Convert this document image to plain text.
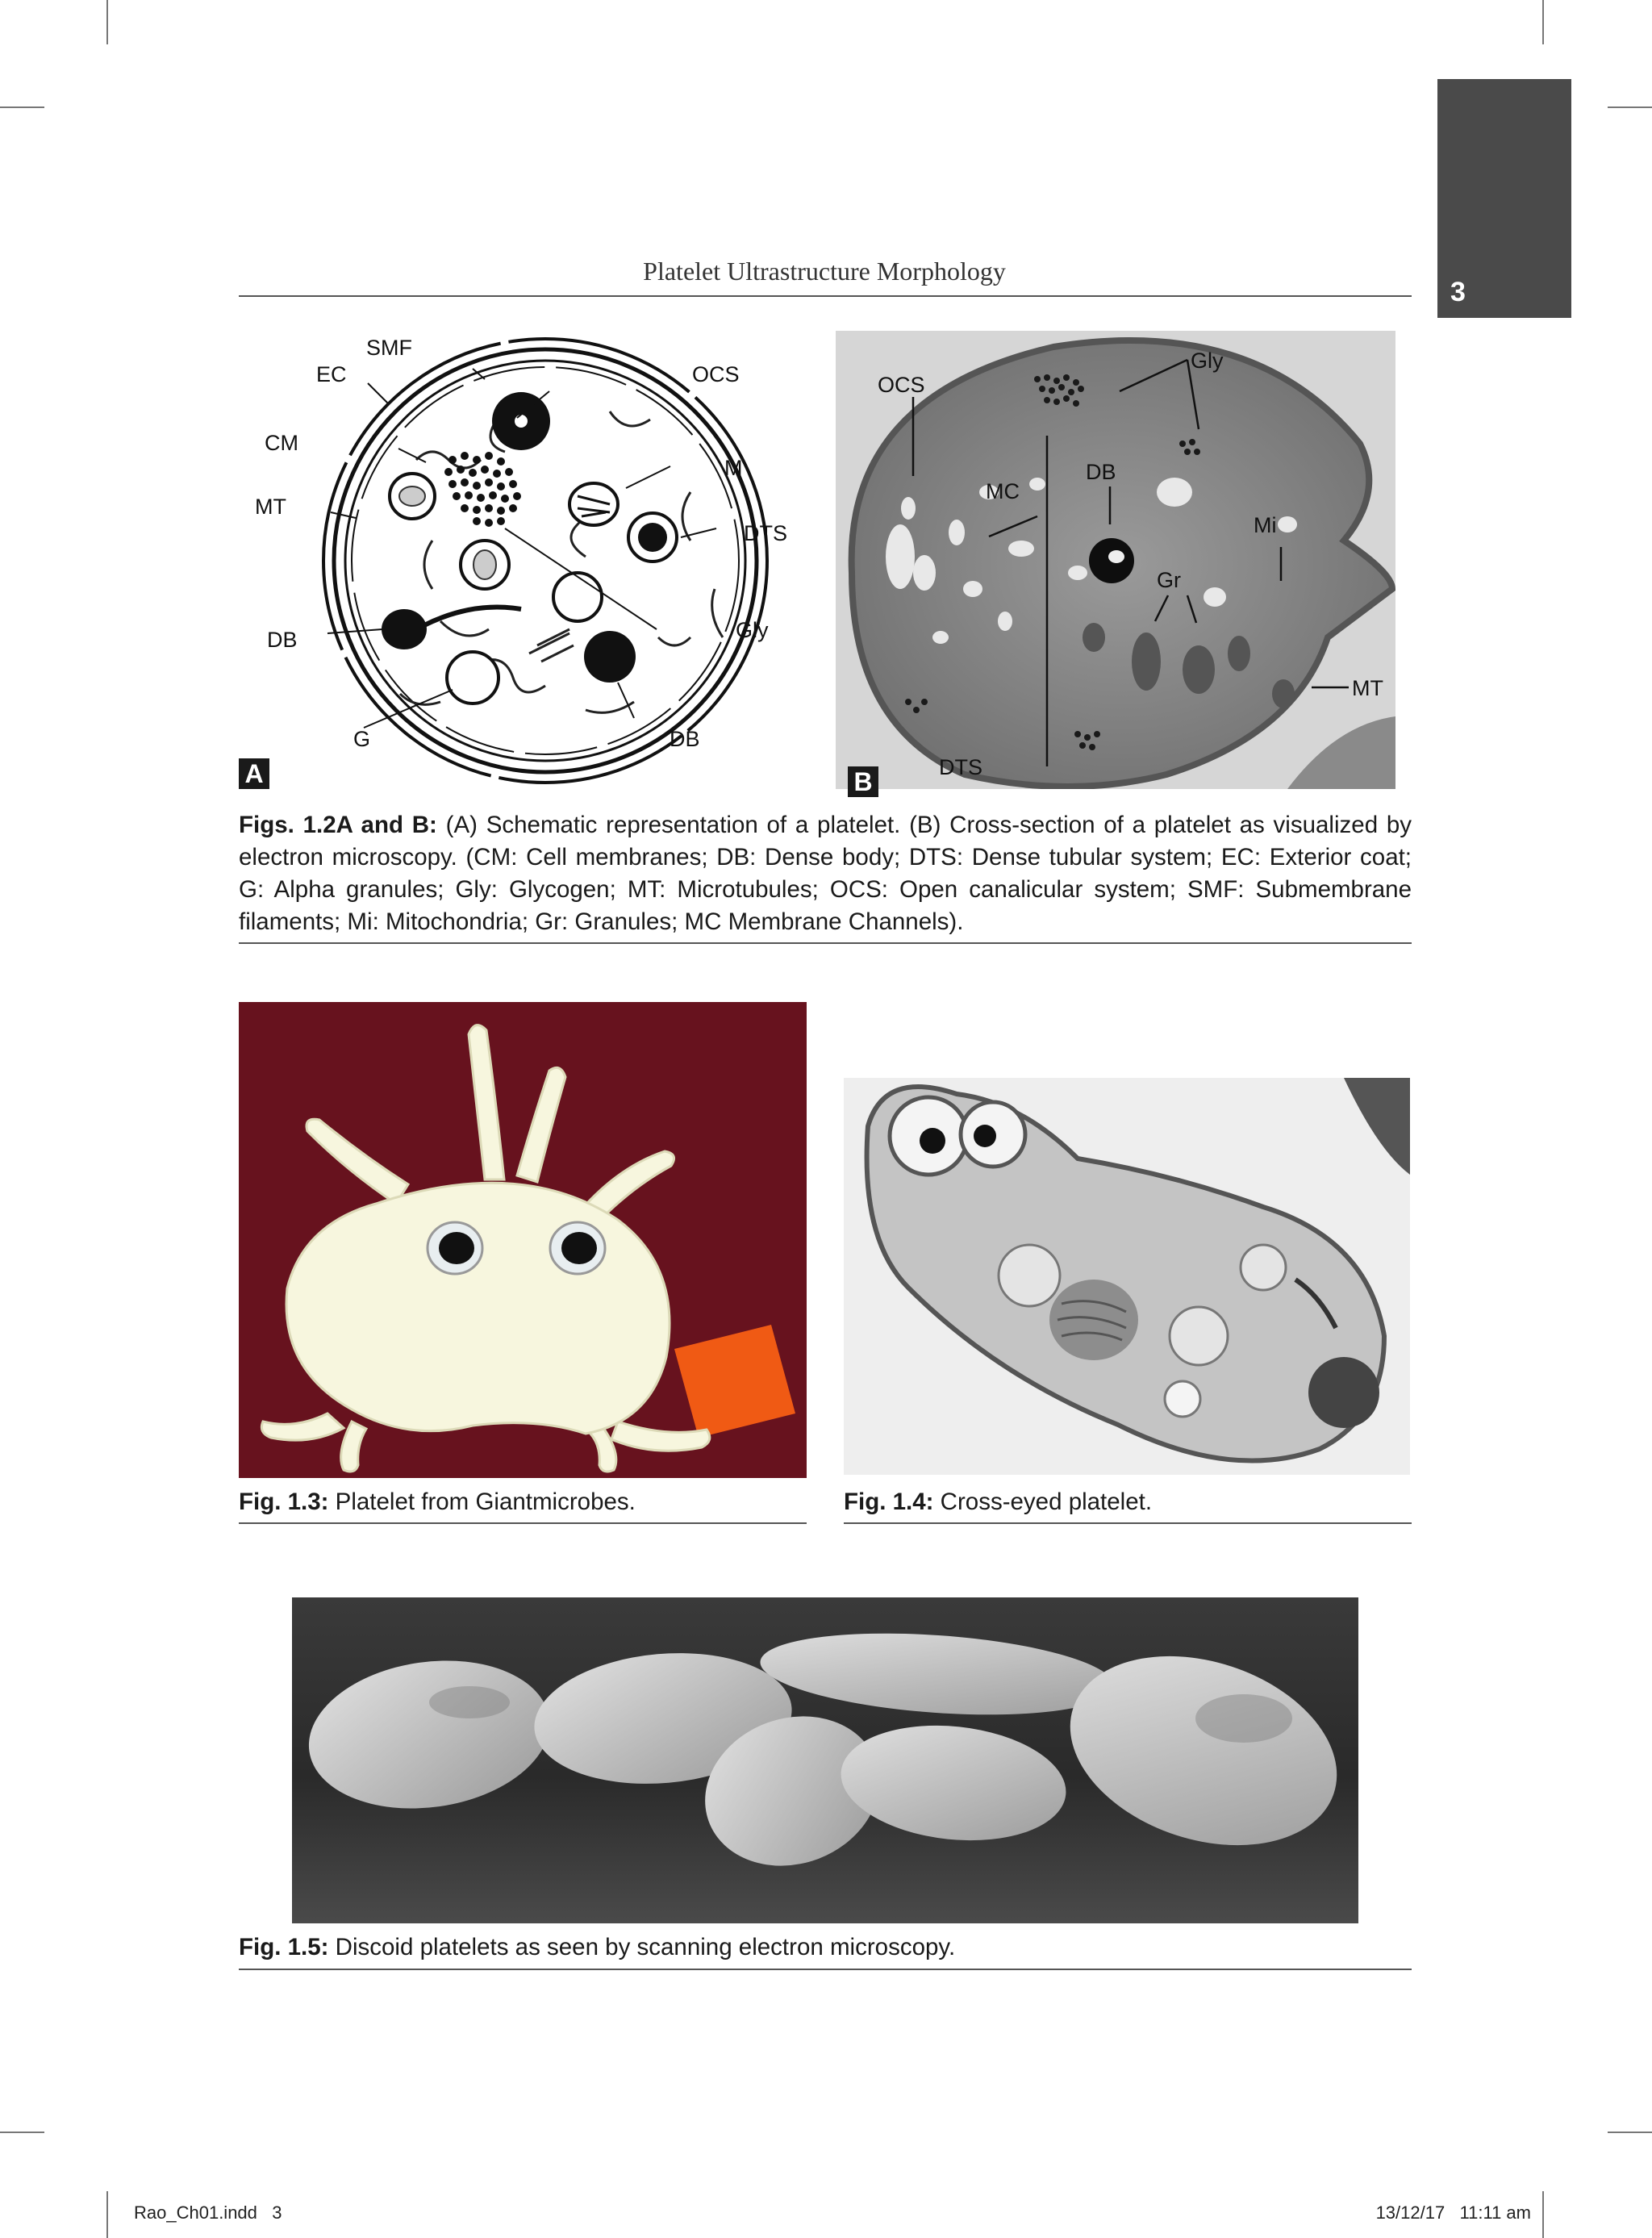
3
Platelet Ultrastructure Morphology
SMF
EC	OCS
CM
M
MT
DTS
Gly
DB
G	DB
A
Gly
OCS
DB
MC
Mi
Gr
MT
DTS
B
Figs. 1.2A and B: (A) Schematic representation of a platelet. (B) Cross-section of a platelet as visualized by electron microscopy. (CM: Cell membranes; DB: Dense body; DTS: Dense tubular system; EC: Exterior coat; G: Alpha granules; Gly: Glycogen; MT: Microtubules; OCS: Open canalicular system; SMF: Submembrane filaments; Mi: Mitochondria; Gr: Granules; MC Membrane Channels).
Fig. 1.3: Platelet from Giantmicrobes.	Fig. 1.4: Cross-eyed platelet.
Fig. 1.5: Discoid platelets as seen by scanning electron microscopy.
Rao_Ch01.indd   3	13/12/17   11:11 am
